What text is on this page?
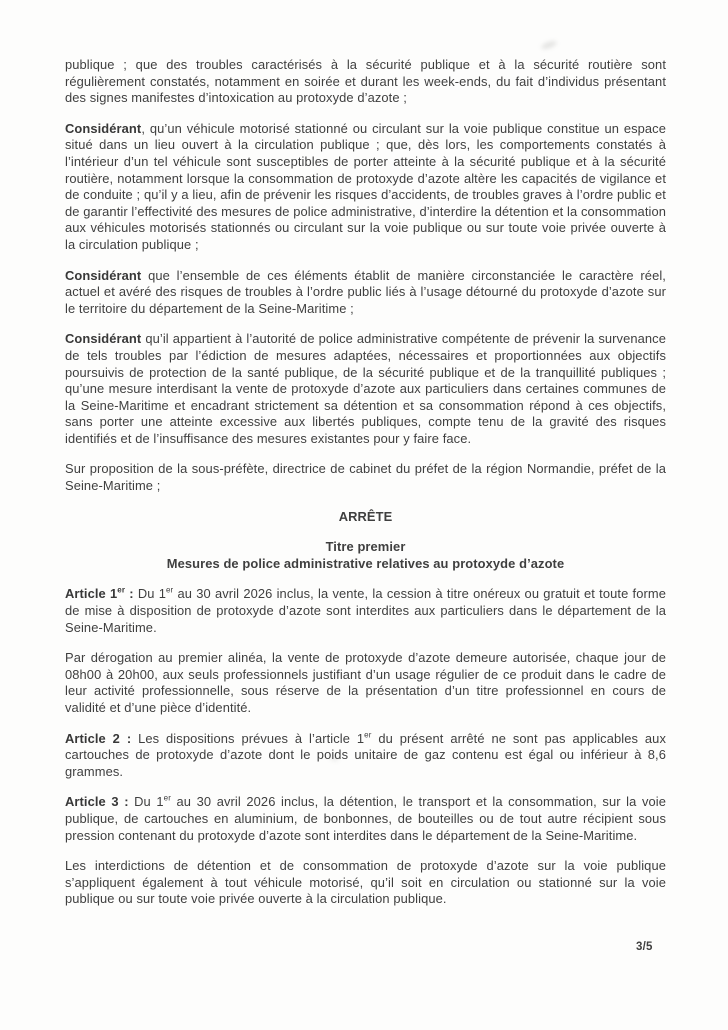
publique ; que des troubles caractérisés à la sécurité publique et à la sécurité routière sont régulièrement constatés, notamment en soirée et durant les week-ends, du fait d’individus présentant des signes manifestes d’intoxication au protoxyde d’azote ;

Considérant, qu’un véhicule motorisé stationné ou circulant sur la voie publique constitue un espace situé dans un lieu ouvert à la circulation publique ; que, dès lors, les comportements constatés à l’intérieur d’un tel véhicule sont susceptibles de porter atteinte à la sécurité publique et à la sécurité routière, notamment lorsque la consommation de protoxyde d’azote altère les capacités de vigilance et de conduite ; qu’il y a lieu, afin de prévenir les risques d’accidents, de troubles graves à l’ordre public et de garantir l’effectivité des mesures de police administrative, d’interdire la détention et la consommation aux véhicules motorisés stationnés ou circulant sur la voie publique ou sur toute voie privée ouverte à la circulation publique ;

Considérant que l’ensemble de ces éléments établit de manière circonstanciée le caractère réel, actuel et avéré des risques de troubles à l’ordre public liés à l’usage détourné du protoxyde d’azote sur le territoire du département de la Seine-Maritime ;

Considérant qu’il appartient à l’autorité de police administrative compétente de prévenir la survenance de tels troubles par l’édiction de mesures adaptées, nécessaires et proportionnées aux objectifs poursuivis de protection de la santé publique, de la sécurité publique et de la tranquillité publiques ; qu’une mesure interdisant la vente de protoxyde d’azote aux particuliers dans certaines communes de la Seine-Maritime et encadrant strictement sa détention et sa consommation répond à ces objectifs, sans porter une atteinte excessive aux libertés publiques, compte tenu de la gravité des risques identifiés et de l’insuffisance des mesures existantes pour y faire face.

Sur proposition de la sous-préfète, directrice de cabinet du préfet de la région Normandie, préfet de la Seine-Maritime ;

ARRÊTE

Titre premier

Mesures de police administrative relatives au protoxyde d’azote

Article 1er : Du 1er au 30 avril 2026 inclus, la vente, la cession à titre onéreux ou gratuit et toute forme de mise à disposition de protoxyde d’azote sont interdites aux particuliers dans le département de la Seine-Maritime.

Par dérogation au premier alinéa, la vente de protoxyde d’azote demeure autorisée, chaque jour de 08h00 à 20h00, aux seuls professionnels justifiant d’un usage régulier de ce produit dans le cadre de leur activité professionnelle, sous réserve de la présentation d’un titre professionnel en cours de validité et d’une pièce d’identité.

Article 2 : Les dispositions prévues à l’article 1er du présent arrêté ne sont pas applicables aux cartouches de protoxyde d’azote dont le poids unitaire de gaz contenu est égal ou inférieur à 8,6 grammes.

Article 3 : Du 1er au 30 avril 2026 inclus, la détention, le transport et la consommation, sur la voie publique, de cartouches en aluminium, de bonbonnes, de bouteilles ou de tout autre récipient sous pression contenant du protoxyde d’azote sont interdites dans le département de la Seine-Maritime.

Les interdictions de détention et de consommation de protoxyde d’azote sur la voie publique s’appliquent également à tout véhicule motorisé, qu’il soit en circulation ou stationné sur la voie publique ou sur toute voie privée ouverte à la circulation publique.

3/5
